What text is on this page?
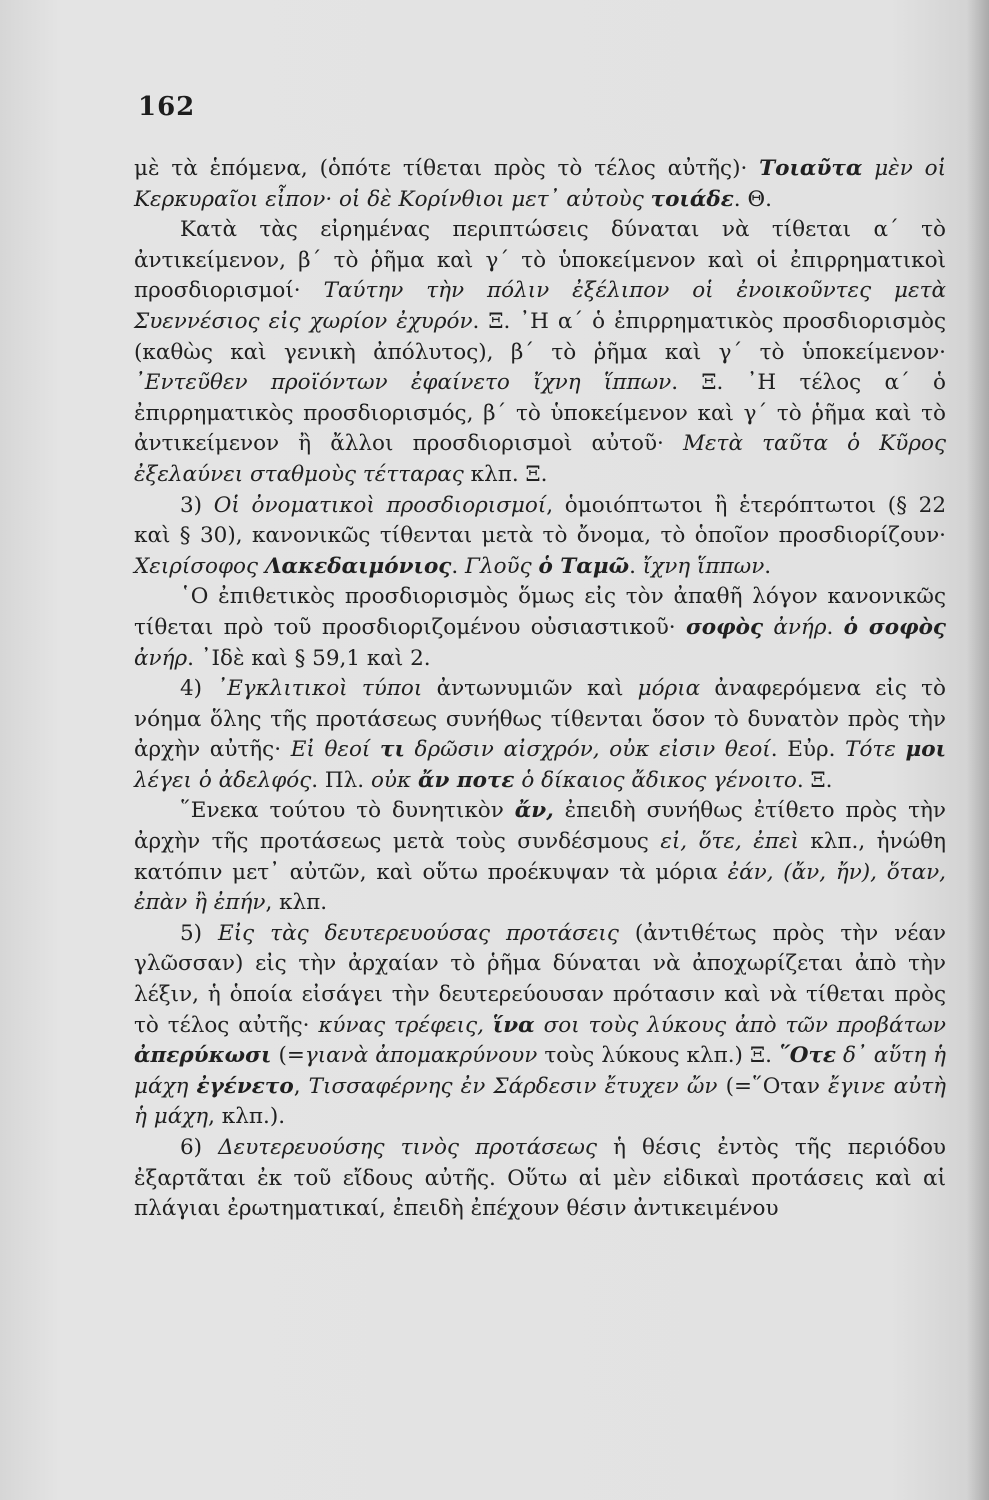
162

μὲ τὰ ἑπόμενα, (ὁπότε τίθεται πρὸς τὸ τέλος αὐτῆς)· Τοιαῦτα μὲν οἱ Κερκυραῖοι εἶπον· οἱ δὲ Κορίνθιοι μετ᾽ αὐτοὺς τοιάδε. Θ.

Κατὰ τὰς εἰρημένας περιπτώσεις δύναται νὰ τίθεται α΄ τὸ ἀντικείμενον, β΄ τὸ ῥῆμα καὶ γ΄ τὸ ὑποκείμενον καὶ οἱ ἐπιρρηματικοὶ προσδιορισμοί· Ταύτην τὴν πόλιν ἐξέλιπον οἱ ἐνοικοῦντες μετὰ Συεννέσιος εἰς χωρίον ἐχυρόν. Ξ. ᾽Η α΄ ὁ ἐπιρρηματικὸς προσδιορισμὸς (καθὼς καὶ γενικὴ ἀπόλυτος), β΄ τὸ ῥῆμα καὶ γ΄ τὸ ὑποκείμενον· ᾽Εντεῦθεν προϊόντων ἐφαίνετο ἴχνη ἵππων. Ξ. ᾽Η τέλος α΄ ὁ ἐπιρρηματικὸς προσδιορισμός, β΄ τὸ ὑποκείμενον καὶ γ΄ τὸ ῥῆμα καὶ τὸ ἀντικείμενον ἢ ἄλλοι προσδιορισμοὶ αὐτοῦ· Μετὰ ταῦτα ὁ Κῦρος ἐξελαύνει σταθμοὺς τέτταρας κλπ. Ξ.

3) Οἱ ὀνοματικοὶ προσδιορισμοί, ὁμοιόπτωτοι ἢ ἑτερόπτωτοι (§ 22 καὶ § 30), κανονικῶς τίθενται μετὰ τὸ ὄνομα, τὸ ὁποῖον προσδιορίζουν· Χειρίσοφος Λακεδαιμόνιος. Γλοῦς ὁ Ταμῶ. ἴχνη ἵππων.

῾Ο ἐπιθετικὸς προσδιορισμὸς ὅμως εἰς τὸν ἀπαθῆ λόγον κανονικῶς τίθεται πρὸ τοῦ προσδιοριζομένου οὐσιαστικοῦ· σοφὸς ἀνήρ. ὁ σοφὸς ἀνήρ. ᾽Ιδὲ καὶ § 59,1 καὶ 2.

4) ᾽Εγκλιτικοὶ τύποι ἀντωνυμιῶν καὶ μόρια ἀναφερόμενα εἰς τὸ νόημα ὅλης τῆς προτάσεως συνήθως τίθενται ὅσον τὸ δυνατὸν πρὸς τὴν ἀρχὴν αὐτῆς· Εἰ θεοί τι δρῶσιν αἰσχρόν, οὐκ εἰσιν θεοί. Εὐρ. Τότε μοι λέγει ὁ ἀδελφός. Πλ. οὐκ ἄν ποτε ὁ δίκαιος ἄδικος γένοιτο. Ξ.

῞Ενεκα τούτου τὸ δυνητικὸν ἄν, ἐπειδὴ συνήθως ἐτίθετο πρὸς τὴν ἀρχὴν τῆς προτάσεως μετὰ τοὺς συνδέσμους εἰ, ὅτε, ἐπεὶ κλπ., ἡνώθη κατόπιν μετ᾽ αὐτῶν, καὶ οὕτω προέκυψαν τὰ μόρια ἐάν, (ἄν, ἤν), ὅταν, ἐπὰν ἢ ἐπήν, κλπ.

5) Εἰς τὰς δευτερευούσας προτάσεις (ἀντιθέτως πρὸς τὴν νέαν γλῶσσαν) εἰς τὴν ἀρχαίαν τὸ ῥῆμα δύναται νὰ ἀποχωρίζεται ἀπὸ τὴν λέξιν, ἡ ὁποία εἰσάγει τὴν δευτερεύουσαν πρότασιν καὶ νὰ τίθεται πρὸς τὸ τέλος αὐτῆς· κύνας τρέφεις, ἵνα σοι τοὺς λύκους ἀπὸ τῶν προβάτων ἀπερύκωσι (=γιανὰ ἀπομακρύνουν τοὺς λύκους κλπ.) Ξ. ῞Οτε δ᾽ αὕτη ἡ μάχη ἐγένετο, Τισσαφέρνης ἐν Σάρδεσιν ἔτυχεν ὤν (=῞Οταν ἔγινε αὐτὴ ἡ μάχη, κλπ.).

6) Δευτερευούσης τινὸς προτάσεως ἡ θέσις ἐντὸς τῆς περιόδου ἐξαρτᾶται ἐκ τοῦ εἴδους αὐτῆς. Οὕτω αἱ μὲν εἰδικαὶ προτάσεις καὶ αἱ πλάγιαι ἐρωτηματικαί, ἐπειδὴ ἐπέχουν θέσιν ἀντικειμένου
